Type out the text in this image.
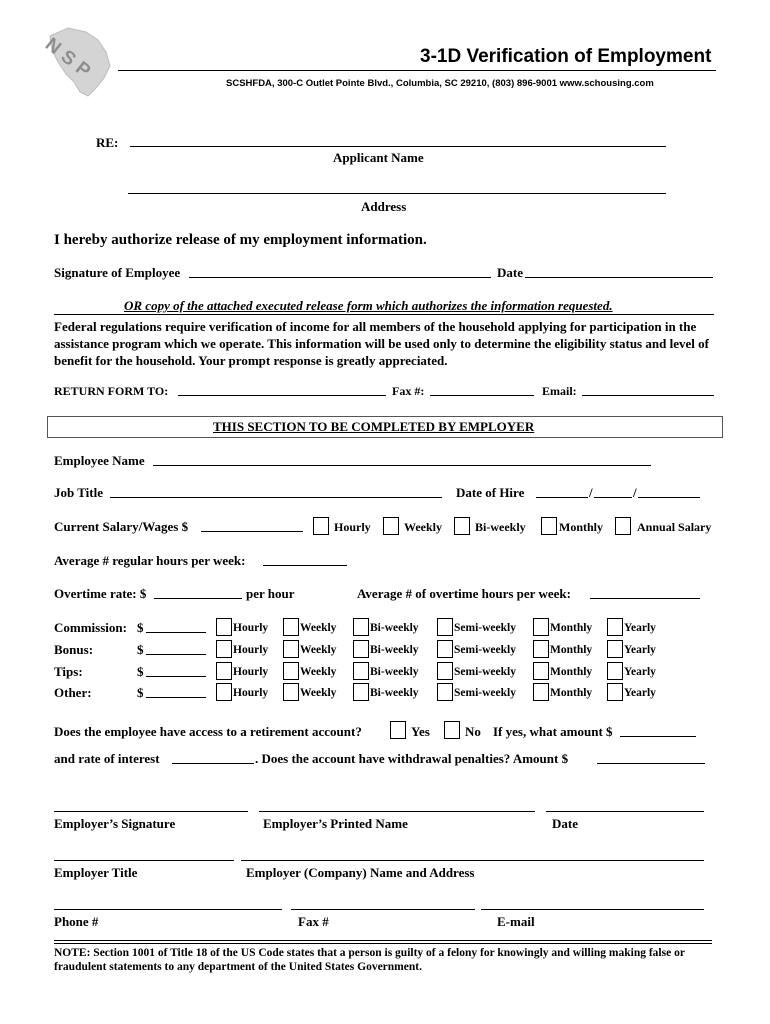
NSP	3-1D Verification of Employment
SCSHFDA, 300-C Outlet Pointe Blvd., Columbia, SC 29210, (803) 896-9001 www.schousing.com
RE:
Applicant Name
Address
I hereby authorize release of my employment information.
Signature of Employee	Date
OR copy of the attached executed release form which authorizes the information requested.
Federal regulations require verification of income for all members of the household applying for participation in the assistance program which we operate. This information will be used only to determine the eligibility status and level of benefit for the household. Your prompt response is greatly appreciated.
RETURN FORM TO:	Fax #:	Email:
THIS SECTION TO BE COMPLETED BY EMPLOYER
Employee Name
Job Title	Date of Hire	/	/
Current Salary/Wages $	Hourly	Weekly	Bi-weekly	Monthly	Annual Salary
Average # regular hours per week:
Overtime rate: $	per hour	Average # of overtime hours per week:
Commission: $	Hourly	Weekly	Bi-weekly	Semi-weekly	Monthly	Yearly
Bonus:	$	Hourly	Weekly	Bi-weekly	Semi-weekly	Monthly	Yearly
Tips:	$	Hourly	Weekly	Bi-weekly	Semi-weekly	Monthly	Yearly
Other:	$	Hourly	Weekly	Bi-weekly	Semi-weekly	Monthly	Yearly
Does the employee have access to a retirement account?	Yes	No If yes, what amount $
and rate of interest	. Does the account have withdrawal penalties? Amount $
Employer’s Signature	Employer’s Printed Name	Date
Employer Title	Employer (Company) Name and Address
Phone #	Fax #	E-mail
NOTE: Section 1001 of Title 18 of the US Code states that a person is guilty of a felony for knowingly and willing making false or fraudulent statements to any department of the United States Government.
